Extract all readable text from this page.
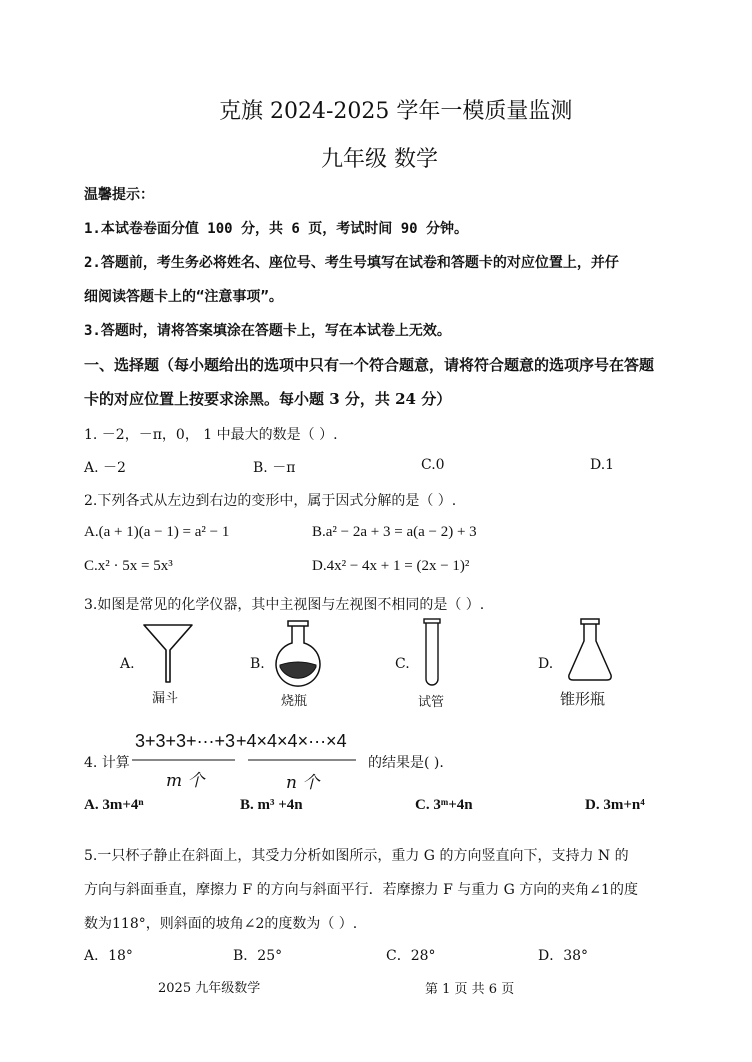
克旗 2024-2025 学年一模质量监测
九年级 数学
温馨提示：
1.本试卷卷面分值 100 分，共 6 页，考试时间 90 分钟。
2.答题前，考生务必将姓名、座位号、考生号填写在试卷和答题卡的对应位置上，并仔
细阅读答题卡上的“注意事项”。
3.答题时，请将答案填涂在答题卡上，写在本试卷上无效。
一、选择题（每小题给出的选项中只有一个符合题意，请将符合题意的选项序号在答题
卡的对应位置上按要求涂黑。每小题 3 分，共 24 分）
1. －2，－π，0， 1 中最大的数是（ ）.
A. －2	B. －π	C.0	D.1
2.下列各式从左边到右边的变形中，属于因式分解的是（ ）.
A.(a + 1)(a − 1) = a² − 1	B.a² − 2a + 3 = a(a − 2) + 3
C.x² · 5x = 5x³	D.4x² − 4x + 1 = (2x − 1)²
3.如图是常见的化学仪器，其中主视图与左视图不相同的是（ ）.
A.
漏斗
B.
烧瓶
C.
试管
D.
锥形瓶
4. 计算
3+3+3+···+3 +4×4×4×···×4
m 个	n 个
的结果是( ).
A. 3m+4ⁿ	B. m³ +4n	C. 3ᵐ+4n	D. 3m+n⁴
5.一只杯子静止在斜面上，其受力分析如图所示，重力 G 的方向竖直向下，支持力 N 的
方向与斜面垂直，摩擦力 F 的方向与斜面平行．若摩擦力 F 与重力 G 方向的夹角∠1的度
数为118°，则斜面的坡角∠2的度数为（ ）.
A．18°	B．25°	C．28°	D．38°
2025 九年级数学	第 1 页 共 6 页
